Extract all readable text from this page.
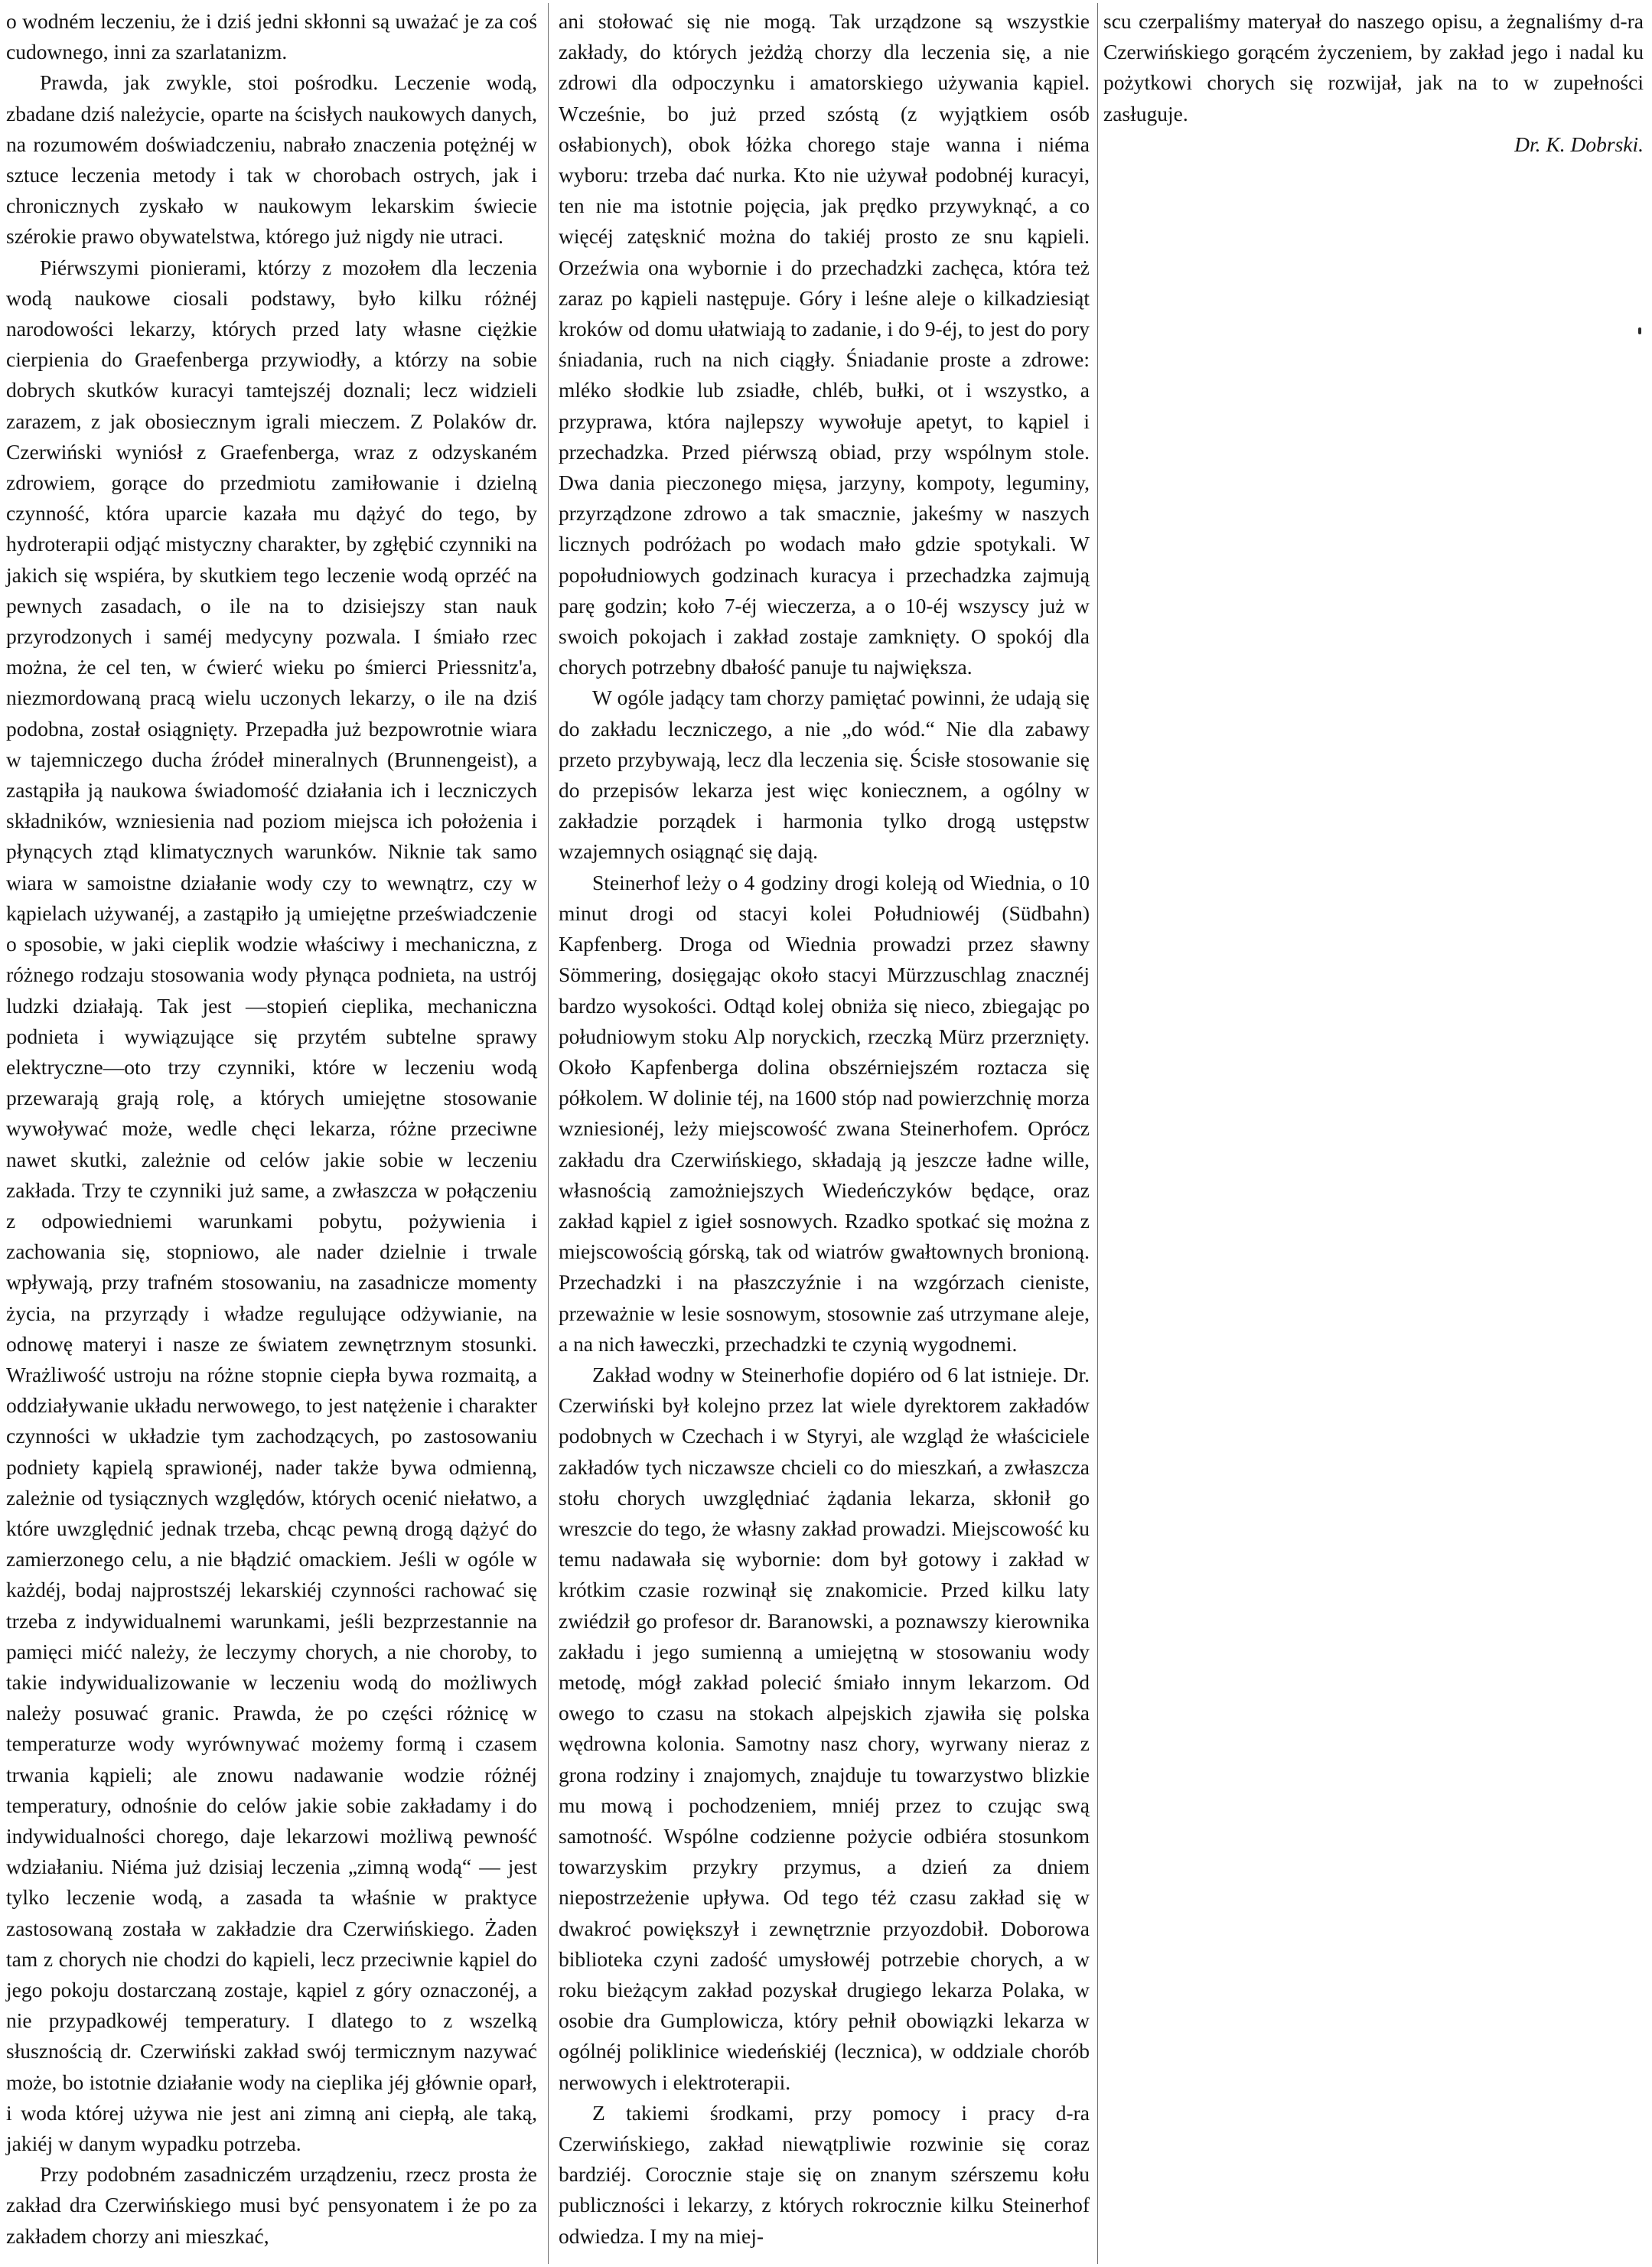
o wodném leczeniu, że i dziś jedni skłonni są uważać je za coś cudownego, inni za szarlatanizm.

Prawda, jak zwykle, stoi pośrodku. Leczenie wodą, zbadane dziś należycie, oparte na ścisłych naukowych danych, na rozumowém doświadczeniu, nabrało znaczenia potężnéj w sztuce leczenia metody i tak w chorobach ostrych, jak i chronicznych zyskało w naukowym lekarskim świecie szérokie prawo obywatelstwa, którego już nigdy nie utraci.

Piérwszymi pionierami, którzy z mozołem dla leczenia wodą naukowe ciosali podstawy, było kilku różnéj narodowości lekarzy, których przed laty własne ciężkie cierpienia do Graefenberga przywiodły, a którzy na sobie dobrych skutków kuracyi tamtejszéj doznali; lecz widzieli zarazem, z jak obosiecznym igrali mieczem. Z Polaków dr. Czerwiński wyniósł z Graefenberga, wraz z odzyskaném zdrowiem, gorące do przedmiotu zamiłowanie i dzielną czynność, która uparcie kazała mu dążyć do tego, by hydroterapii odjąć mistyczny charakter, by zgłębić czynniki na jakich się wspiéra, by skutkiem tego leczenie wodą oprzéć na pewnych zasadach, o ile na to dzisiejszy stan nauk przyrodzonych i saméj medycyny pozwala. I śmiało rzec można, że cel ten, w ćwierć wieku po śmierci Priessnitz'a, niezmordowaną pracą wielu uczonych lekarzy, o ile na dziś podobna, został osiągnięty. Przepadła już bezpowrotnie wiara w tajemniczego ducha źródeł mineralnych (Brunnengeist), a zastąpiła ją naukowa świadomość działania ich i leczniczych składników, wzniesienia nad poziom miejsca ich położenia i płynących ztąd klimatycznych warunków. Niknie tak samo wiara w samoistne działanie wody czy to wewnątrz, czy w kąpielach używanéj, a zastąpiło ją umiejętne przeświadczenie o sposobie, w jaki cieplik wodzie właściwy i mechaniczna, z różnego rodzaju stosowania wody płynąca podnieta, na ustrój ludzki działają. Tak jest —stopień cieplika, mechaniczna podnieta i wywiązujące się przytém subtelne sprawy elektryczne—oto trzy czynniki, które w leczeniu wodą przewarają grają rolę, a których umiejętne stosowanie wywoływać może, wedle chęci lekarza, różne przeciwne nawet skutki, zależnie od celów jakie sobie w leczeniu zakłada. Trzy te czynniki już same, a zwłaszcza w połączeniu z odpowiedniemi warunkami pobytu, pożywienia i zachowania się, stopniowo, ale nader dzielnie i trwale wpływają, przy trafném stosowaniu, na zasadnicze momenty życia, na przyrządy i władze regulujące odżywianie, na odnowę materyi i nasze ze światem zewnętrznym stosunki. Wrażliwość ustroju na różne stopnie ciepła bywa rozmaitą, a oddziaływanie układu nerwowego, to jest natężenie i charakter czynności w układzie tym zachodzących, po zastosowaniu podniety kąpielą sprawionéj, nader także bywa odmienną, zależnie od tysiącznych względów, których ocenić niełatwo, a które uwzględnić jednak trzeba, chcąc pewną drogą dążyć do zamierzonego celu, a nie błądzić omackiem. Jeśli w ogóle w każdéj, bodaj najprostszéj lekarskiéj czynności rachować się trzeba z indywidualnemi warunkami, jeśli bezprzestannie na pamięci mićć należy, że leczymy chorych, a nie choroby, to takie indywidualizowanie w leczeniu wodą do możliwych należy posuwać granic. Prawda, że po części różnicę w temperaturze wody wyrównywać możemy formą i czasem trwania kąpieli; ale znowu nadawanie wodzie różnéj temperatury, odnośnie do celów jakie sobie zakładamy i do indywidualności chorego, daje lekarzowi możliwą pewność wdziałaniu. Niéma już dzisiaj leczenia „zimną wodą“ — jest tylko leczenie wodą, a zasada ta właśnie w praktyce zastosowaną została w zakładzie dra Czerwińskiego. Żaden tam z chorych nie chodzi do kąpieli, lecz przeciwnie kąpiel do jego pokoju dostarczaną zostaje, kąpiel z góry oznaczonéj, a nie przypadkowéj temperatury. I dlatego to z wszelką słusznością dr. Czerwiński zakład swój termicznym nazywać może, bo istotnie działanie wody na cieplika jéj głównie oparł, i woda której używa nie jest ani zimną ani ciepłą, ale taką, jakiéj w danym wypadku potrzeba.

Przy podobném zasadniczém urządzeniu, rzecz prosta że zakład dra Czerwińskiego musi być pensyonatem i że po za zakładem chorzy ani mieszkać,

ani stołować się nie mogą. Tak urządzone są wszystkie zakłady, do których jeżdżą chorzy dla leczenia się, a nie zdrowi dla odpoczynku i amatorskiego używania kąpiel. Wcześnie, bo już przed szóstą (z wyjątkiem osób osłabionych), obok łóżka chorego staje wanna i niéma wyboru: trzeba dać nurka. Kto nie używał podobnéj kuracyi, ten nie ma istotnie pojęcia, jak prędko przywyknąć, a co więcéj zatęsknić można do takiéj prosto ze snu kąpieli. Orzeźwia ona wybornie i do przechadzki zachęca, która też zaraz po kąpieli następuje. Góry i leśne aleje o kilkadziesiąt kroków od domu ułatwiają to zadanie, i do 9-éj, to jest do pory śniadania, ruch na nich ciągły. Śniadanie proste a zdrowe: mléko słodkie lub zsiadłe, chléb, bułki, ot i wszystko, a przyprawa, która najlepszy wywołuje apetyt, to kąpiel i przechadzka. Przed piérwszą obiad, przy wspólnym stole. Dwa dania pieczonego mięsa, jarzyny, kompoty, leguminy, przyrządzone zdrowo a tak smacznie, jakeśmy w naszych licznych podróżach po wodach mało gdzie spotykali. W popołudniowych godzinach kuracya i przechadzka zajmują parę godzin; koło 7-éj wieczerza, a o 10-éj wszyscy już w swoich pokojach i zakład zostaje zamknięty. O spokój dla chorych potrzebny dbałość panuje tu największa.

W ogóle jadący tam chorzy pamiętać powinni, że udają się do zakładu leczniczego, a nie „do wód.“ Nie dla zabawy przeto przybywają, lecz dla leczenia się. Ścisłe stosowanie się do przepisów lekarza jest więc koniecznem, a ogólny w zakładzie porządek i harmonia tylko drogą ustępstw wzajemnych osiągnąć się dają.

Steinerhof leży o 4 godziny drogi koleją od Wiednia, o 10 minut drogi od stacyi kolei Południowéj (Südbahn) Kapfenberg. Droga od Wiednia prowadzi przez sławny Sömmering, dosięgając około stacyi Mürzzuschlag znacznéj bardzo wysokości. Odtąd kolej obniża się nieco, zbiegając po południowym stoku Alp noryckich, rzeczką Mürz przerznięty. Około Kapfenberga dolina obszérniejszém roztacza się półkolem. W dolinie téj, na 1600 stóp nad powierzchnię morza wzniesionéj, leży miejscowość zwana Steinerhofem. Oprócz zakładu dra Czerwińskiego, składają ją jeszcze ładne wille, własnością zamożniejszych Wiedeńczyków będące, oraz zakład kąpiel z igieł sosnowych. Rzadko spotkać się można z miejscowością górską, tak od wiatrów gwałtownych bronioną. Przechadzki i na płaszczyźnie i na wzgórzach cieniste, przeważnie w lesie sosnowym, stosownie zaś utrzymane aleje, a na nich ławeczki, przechadzki te czynią wygodnemi.

Zakład wodny w Steinerhofie dopiéro od 6 lat istnieje. Dr. Czerwiński był kolejno przez lat wiele dyrektorem zakładów podobnych w Czechach i w Styryi, ale wzgląd że właściciele zakładów tych niczawsze chcieli co do mieszkań, a zwłaszcza stołu chorych uwzględniać żądania lekarza, skłonił go wreszcie do tego, że własny zakład prowadzi. Miejscowość ku temu nadawała się wybornie: dom był gotowy i zakład w krótkim czasie rozwinął się znakomicie. Przed kilku laty zwiédził go profesor dr. Baranowski, a poznawszy kierownika zakładu i jego sumienną a umiejętną w stosowaniu wody metodę, mógł zakład polecić śmiało innym lekarzom. Od owego to czasu na stokach alpejskich zjawiła się polska wędrowna kolonia. Samotny nasz chory, wyrwany nieraz z grona rodziny i znajomych, znajduje tu towarzystwo blizkie mu mową i pochodzeniem, mniéj przez to czując swą samotność. Wspólne codzienne pożycie odbiéra stosunkom towarzyskim przykry przymus, a dzień za dniem niepostrzeżenie upływa. Od tego téż czasu zakład się w dwakroć powiększył i zewnętrznie przyozdobił. Doborowa biblioteka czyni zadość umysłowéj potrzebie chorych, a w roku bieżącym zakład pozyskał drugiego lekarza Polaka, w osobie dra Gumplowicza, który pełnił obowiązki lekarza w ogólnéj poliklinice wiedeńskiéj (lecznica), w oddziale chorób nerwowych i elektroterapii.

Z takiemi środkami, przy pomocy i pracy d-ra Czerwińskiego, zakład niewątpliwie rozwinie się coraz bardziéj. Corocznie staje się on znanym szérszemu kołu publiczności i lekarzy, z których rokrocznie kilku Steinerhof odwiedza. I my na miej-

scu czerpaliśmy materyał do naszego opisu, a żegnaliśmy d-ra Czerwińskiego gorącém życzeniem, by zakład jego i nadal ku pożytkowi chorych się rozwijał, jak na to w zupełności zasługuje.

Dr. K. Dobrski.
